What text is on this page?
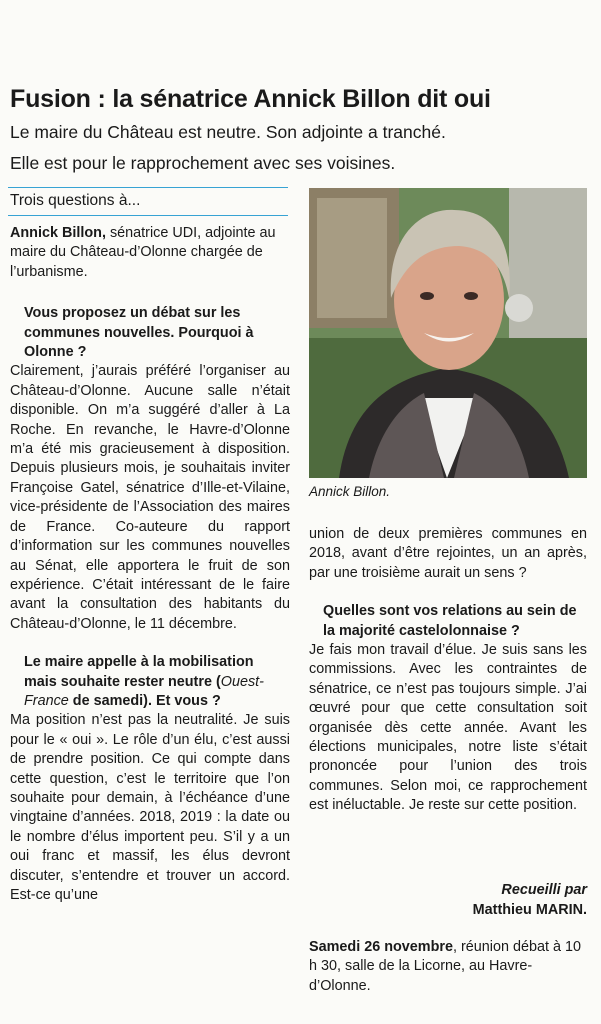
Fusion : la sénatrice Annick Billon dit oui

Le maire du Château est neutre. Son adjointe a tranché.

Elle est pour le rapprochement avec ses voisines.

Trois questions à...

Annick Billon, sénatrice UDI, adjointe au maire du Château-d’Olonne chargée de l’urbanisme.

Vous proposez un débat sur les communes nouvelles. Pourquoi à Olonne ?

Clairement, j’aurais préféré l’organiser au Château-d’Olonne. Aucune salle n’était disponible. On m’a suggéré d’aller à La Roche. En revanche, le Havre-d’Olonne m’a été mis gracieusement à disposition. Depuis plusieurs mois, je souhaitais inviter Françoise Gatel, sénatrice d’Ille-et-Vilaine, vice-présidente de l’Association des maires de France. Co-auteure du rapport d’information sur les communes nouvelles au Sénat, elle apportera le fruit de son expérience. C’était intéressant de le faire avant la consultation des habitants du Château-d’Olonne, le 11 décembre.

Le maire appelle à la mobilisation mais souhaite rester neutre (Ouest-France de samedi). Et vous ?

Ma position n’est pas la neutralité. Je suis pour le « oui ». Le rôle d’un élu, c’est aussi de prendre position. Ce qui compte dans cette question, c’est le territoire que l’on souhaite pour demain, à l’échéance d’une vingtaine d’années. 2018, 2019 : la date ou le nombre d’élus importent peu. S’il y a un oui franc et massif, les élus devront discuter, s’entendre et trouver un accord. Est-ce qu’une

Annick Billon.

union de deux premières communes en 2018, avant d’être rejointes, un an après, par une troisième aurait un sens ?

Quelles sont vos relations au sein de la majorité castelolonnaise ?

Je fais mon travail d’élue. Je suis sans les commissions. Avec les contraintes de sénatrice, ce n’est pas toujours simple. J’ai œuvré pour que cette consultation soit organisée dès cette année. Avant les élections municipales, notre liste s’était prononcée pour l’union des trois communes. Selon moi, ce rapprochement est inéluctable. Je reste sur cette position.

Recueilli par
Matthieu MARIN.

Samedi 26 novembre, réunion débat à 10 h 30, salle de la Licorne, au Havre-d’Olonne.
